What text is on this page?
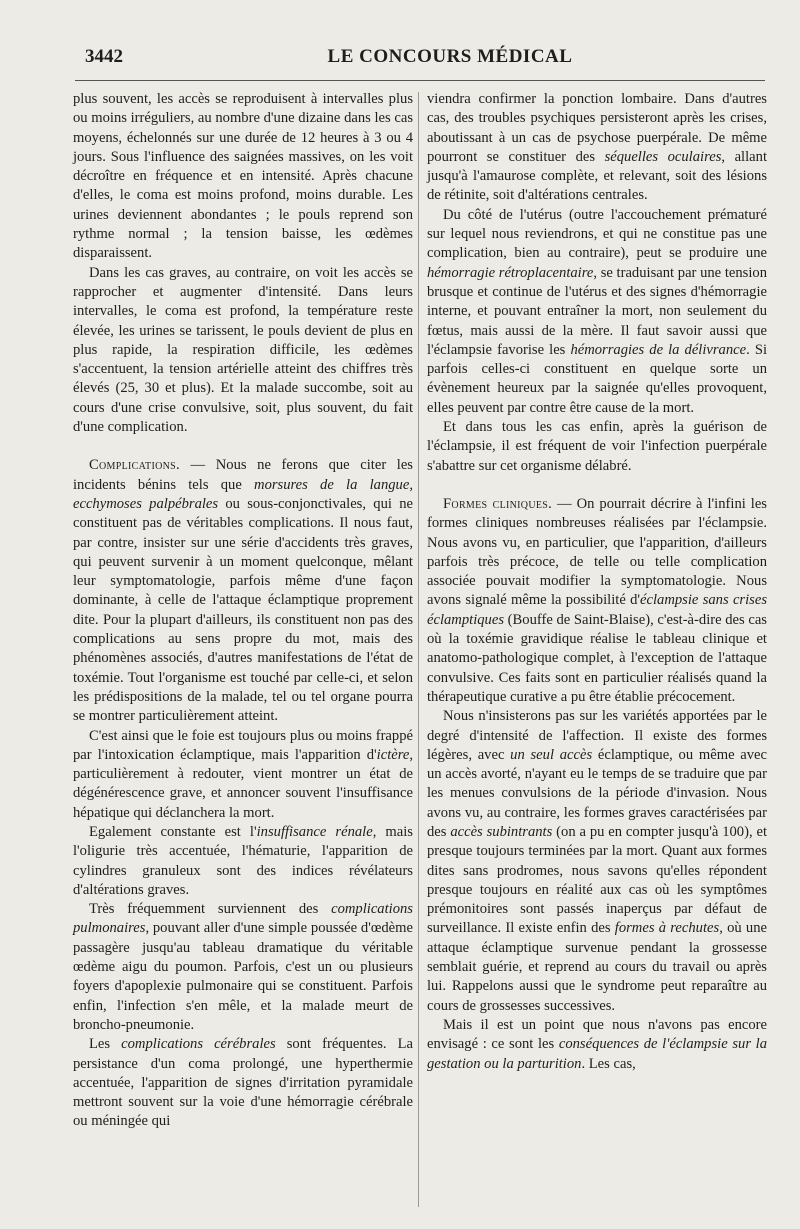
3442	LE CONCOURS MÉDICAL

plus souvent, les accès se reproduisent à intervalles plus ou moins irréguliers, au nombre d'une dizaine dans les cas moyens, échelonnés sur une durée de 12 heures à 3 ou 4 jours. Sous l'influence des saignées massives, on les voit décroître en fréquence et en intensité. Après chacune d'elles, le coma est moins profond, moins durable. Les urines deviennent abondantes ; le pouls reprend son rythme normal ; la tension baisse, les œdèmes disparaissent.

Dans les cas graves, au contraire, on voit les accès se rapprocher et augmenter d'intensité. Dans leurs intervalles, le coma est profond, la température reste élevée, les urines se tarissent, le pouls devient de plus en plus rapide, la respiration difficile, les œdèmes s'accentuent, la tension artérielle atteint des chiffres très élevés (25, 30 et plus). Et la malade succombe, soit au cours d'une crise convulsive, soit, plus souvent, du fait d'une complication.

Complications. — Nous ne ferons que citer les incidents bénins tels que morsures de la langue, ecchymoses palpébrales ou sous-conjonctivales, qui ne constituent pas de véritables complications. Il nous faut, par contre, insister sur une série d'accidents très graves, qui peuvent survenir à un moment quelconque, mêlant leur symptomatologie, parfois même d'une façon dominante, à celle de l'attaque éclamptique proprement dite. Pour la plupart d'ailleurs, ils constituent non pas des complications au sens propre du mot, mais des phénomènes associés, d'autres manifestations de l'état de toxémie. Tout l'organisme est touché par celle-ci, et selon les prédispositions de la malade, tel ou tel organe pourra se montrer particulièrement atteint.

C'est ainsi que le foie est toujours plus ou moins frappé par l'intoxication éclamptique, mais l'apparition d'ictère, particulièrement à redouter, vient montrer un état de dégénérescence grave, et annoncer souvent l'insuffisance hépatique qui déclanchera la mort.

Egalement constante est l'insuffisance rénale, mais l'oligurie très accentuée, l'hématurie, l'apparition de cylindres granuleux sont des indices révélateurs d'altérations graves.

Très fréquemment surviennent des complications pulmonaires, pouvant aller d'une simple poussée d'œdème passagère jusqu'au tableau dramatique du véritable œdème aigu du poumon. Parfois, c'est un ou plusieurs foyers d'apoplexie pulmonaire qui se constituent. Parfois enfin, l'infection s'en mêle, et la malade meurt de broncho-pneumonie.

Les complications cérébrales sont fréquentes. La persistance d'un coma prolongé, une hyperthermie accentuée, l'apparition de signes d'irritation pyramidale mettront souvent sur la voie d'une hémorragie cérébrale ou méningée qui

viendra confirmer la ponction lombaire. Dans d'autres cas, des troubles psychiques persisteront après les crises, aboutissant à un cas de psychose puerpérale. De même pourront se constituer des séquelles oculaires, allant jusqu'à l'amaurose complète, et relevant, soit des lésions de rétinite, soit d'altérations centrales.

Du côté de l'utérus (outre l'accouchement prématuré sur lequel nous reviendrons, et qui ne constitue pas une complication, bien au contraire), peut se produire une hémorragie rétroplacentaire, se traduisant par une tension brusque et continue de l'utérus et des signes d'hémorragie interne, et pouvant entraîner la mort, non seulement du fœtus, mais aussi de la mère. Il faut savoir aussi que l'éclampsie favorise les hémorragies de la délivrance. Si parfois celles-ci constituent en quelque sorte un évènement heureux par la saignée qu'elles provoquent, elles peuvent par contre être cause de la mort.

Et dans tous les cas enfin, après la guérison de l'éclampsie, il est fréquent de voir l'infection puerpérale s'abattre sur cet organisme délabré.

Formes cliniques. — On pourrait décrire à l'infini les formes cliniques nombreuses réalisées par l'éclampsie. Nous avons vu, en particulier, que l'apparition, d'ailleurs parfois très précoce, de telle ou telle complication associée pouvait modifier la symptomatologie. Nous avons signalé même la possibilité d'éclampsie sans crises éclamptiques (Bouffe de Saint-Blaise), c'est-à-dire des cas où la toxémie gravidique réalise le tableau clinique et anatomo-pathologique complet, à l'exception de l'attaque convulsive. Ces faits sont en particulier réalisés quand la thérapeutique curative a pu être établie précocement.

Nous n'insisterons pas sur les variétés apportées par le degré d'intensité de l'affection. Il existe des formes légères, avec un seul accès éclamptique, ou même avec un accès avorté, n'ayant eu le temps de se traduire que par les menues convulsions de la période d'invasion. Nous avons vu, au contraire, les formes graves caractérisées par des accès subintrants (on a pu en compter jusqu'à 100), et presque toujours terminées par la mort. Quant aux formes dites sans prodromes, nous savons qu'elles répondent presque toujours en réalité aux cas où les symptômes prémonitoires sont passés inaperçus par défaut de surveillance. Il existe enfin des formes à rechutes, où une attaque éclamptique survenue pendant la grossesse semblait guérie, et reprend au cours du travail ou après lui. Rappelons aussi que le syndrome peut reparaître au cours de grossesses successives.

Mais il est un point que nous n'avons pas encore envisagé : ce sont les conséquences de l'éclampsie sur la gestation ou la parturition. Les cas,
